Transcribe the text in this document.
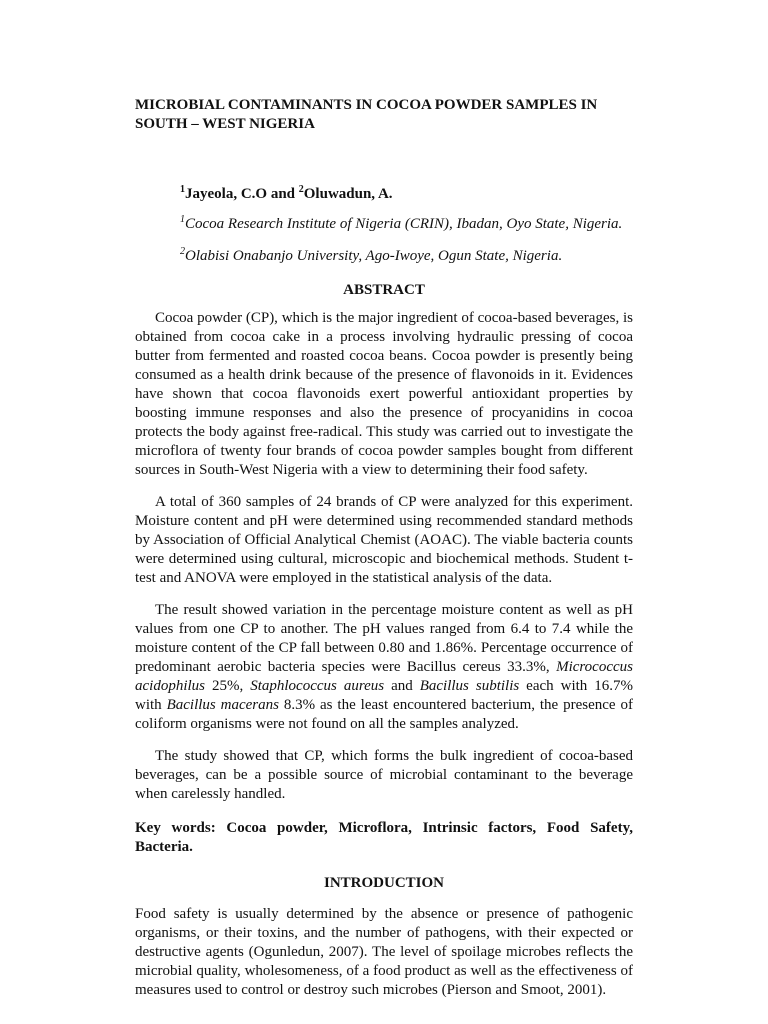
MICROBIAL CONTAMINANTS IN COCOA POWDER SAMPLES IN SOUTH – WEST NIGERIA
$^1$Jayeola, C.O and $^2$Oluwadun, A.
$^1$Cocoa Research Institute of Nigeria (CRIN), Ibadan, Oyo State, Nigeria.
$^2$Olabisi Onabanjo University, Ago-Iwoye, Ogun State, Nigeria.
ABSTRACT

Cocoa powder (CP), which is the major ingredient of cocoa-based beverages, is obtained from cocoa cake in a process involving hydraulic pressing of cocoa butter from fermented and roasted cocoa beans. Cocoa powder is presently being consumed as a health drink because of the presence of flavonoids in it. Evidences have shown that cocoa flavonoids exert powerful antioxidant properties by boosting immune responses and also the presence of procyanidins in cocoa protects the body against free-radical. This study was carried out to investigate the microflora of twenty four brands of cocoa powder samples bought from different sources in South-West Nigeria with a view to determining their food safety.

A total of 360 samples of 24 brands of CP were analyzed for this experiment. Moisture content and pH were determined using recommended standard methods by Association of Official Analytical Chemist (AOAC). The viable bacteria counts were determined using cultural, microscopic and biochemical methods. Student t-test and ANOVA were employed in the statistical analysis of the data.

The result showed variation in the percentage moisture content as well as pH values from one CP to another. The pH values ranged from 6.4 to 7.4 while the moisture content of the CP fall between 0.80 and 1.86%. Percentage occurrence of predominant aerobic bacteria species were Bacillus cereus 33.3%, Micrococcus acidophilus 25%, Staphlococcus aureus and Bacillus subtilis each with 16.7% with Bacillus macerans 8.3% as the least encountered bacterium, the presence of coliform organisms were not found on all the samples analyzed.

The study showed that CP, which forms the bulk ingredient of cocoa-based beverages, can be a possible source of microbial contaminant to the beverage when carelessly handled.

Key words: Cocoa powder, Microflora, Intrinsic factors, Food Safety, Bacteria.

INTRODUCTION

Food safety is usually determined by the absence or presence of pathogenic organisms, or their toxins, and the number of pathogens, with their expected or destructive agents (Ogunledun, 2007). The level of spoilage microbes reflects the microbial quality, wholesomeness, of a food product as well as the effectiveness of measures used to control or destroy such microbes (Pierson and Smoot, 2001).
